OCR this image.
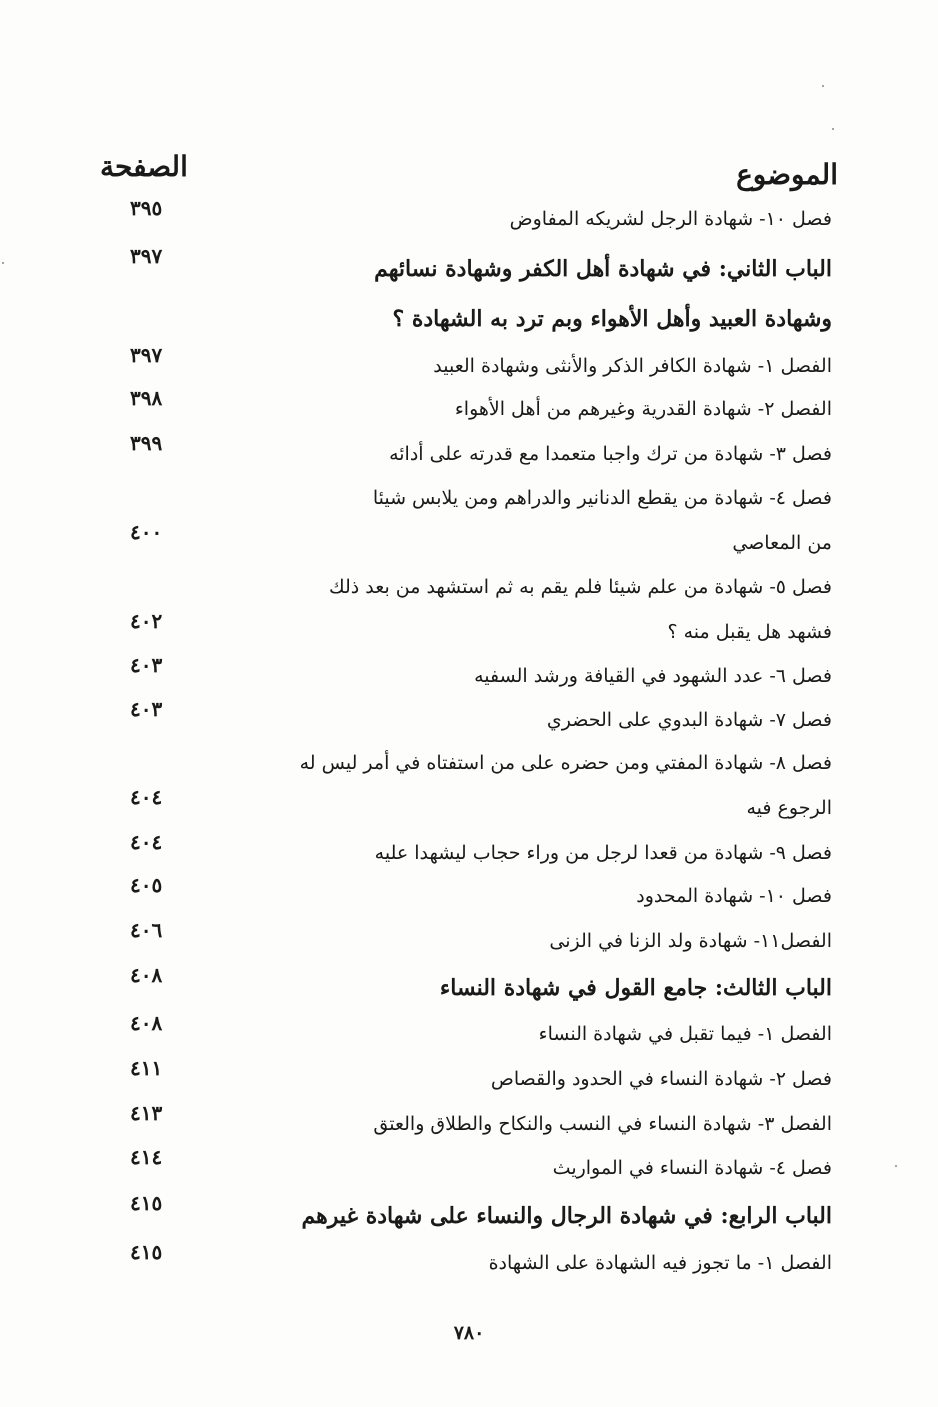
الموضوع
الصفحة
فصل ١٠- شهادة الرجل لشريكه المفاوض
٣٩٥
الباب الثاني: في شهادة أهل الكفر وشهادة نسائهم
٣٩٧
وشهادة العبيد وأهل الأهواء وبم ترد به الشهادة ؟
الفصل ١- شهادة الكافر الذكر والأنثى وشهادة العبيد
٣٩٧
الفصل ٢- شهادة القدرية وغيرهم من أهل الأهواء
٣٩٨
فصل ٣- شهادة من ترك واجبا متعمدا مع قدرته على أدائه
٣٩٩
فصل ٤- شهادة من يقطع الدنانير والدراهم ومن يلابس شيئا
من المعاصي
٤٠٠
فصل ٥- شهادة من علم شيئا فلم يقم به ثم استشهد من بعد ذلك
فشهد هل يقبل منه ؟
٤٠٢
فصل ٦- عدد الشهود في القيافة ورشد السفيه
٤٠٣
فصل ٧- شهادة البدوي على الحضري
٤٠٣
فصل ٨- شهادة المفتي ومن حضره على من استفتاه في أمر ليس له
الرجوع فيه
٤٠٤
فصل ٩- شهادة من قعدا لرجل من وراء حجاب ليشهدا عليه
٤٠٤
فصل ١٠- شهادة المحدود
٤٠٥
الفصل١١- شهادة ولد الزنا في الزنى
٤٠٦
الباب الثالث: جامع القول في شهادة النساء
٤٠٨
الفصل ١- فيما تقبل في شهادة النساء
٤٠٨
فصل ٢- شهادة النساء في الحدود والقصاص
٤١١
الفصل ٣- شهادة النساء في النسب والنكاح والطلاق والعتق
٤١٣
فصل ٤- شهادة النساء في المواريث
٤١٤
الباب الرابع: في شهادة الرجال والنساء على شهادة غيرهم
٤١٥
الفصل ١- ما تجوز فيه الشهادة على الشهادة
٤١٥
٧٨٠
